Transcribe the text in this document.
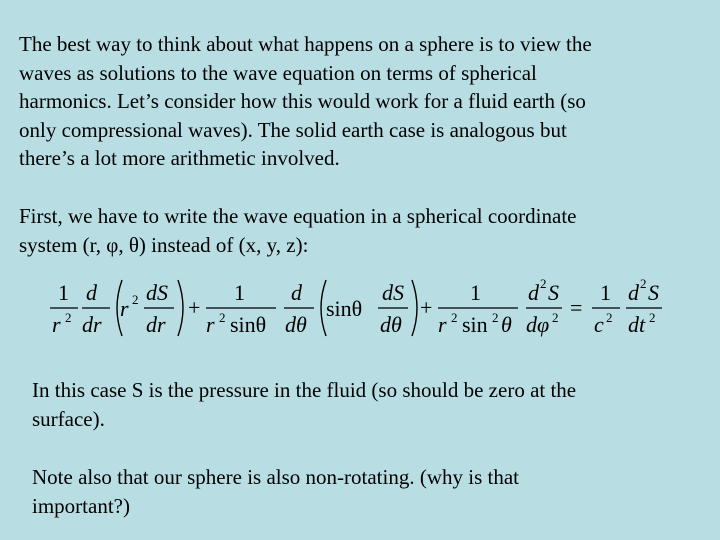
The best way to think about what happens on a sphere is to view the
waves as solutions to the wave equation on terms of spherical
harmonics. Let’s consider how this would work for a fluid earth (so
only compressional waves). The solid earth case is analogous but
there’s a lot more arithmetic involved.

First, we have to write the wave equation in a spherical coordinate
system (r, φ, θ) instead of (x, y, z):

1
r 2
d
dr
r 2 dS
dr
+
1
r 2 sinθ
d
dθ
sinθ
dS
dθ
+
1
r 2 sin 2 θ
d 2 S
dφ 2 =
1
c 2
d 2 S
dt 2

In this case S is the pressure in the fluid (so should be zero at the
surface).

Note also that our sphere is also non-rotating. (why is that
important?)
